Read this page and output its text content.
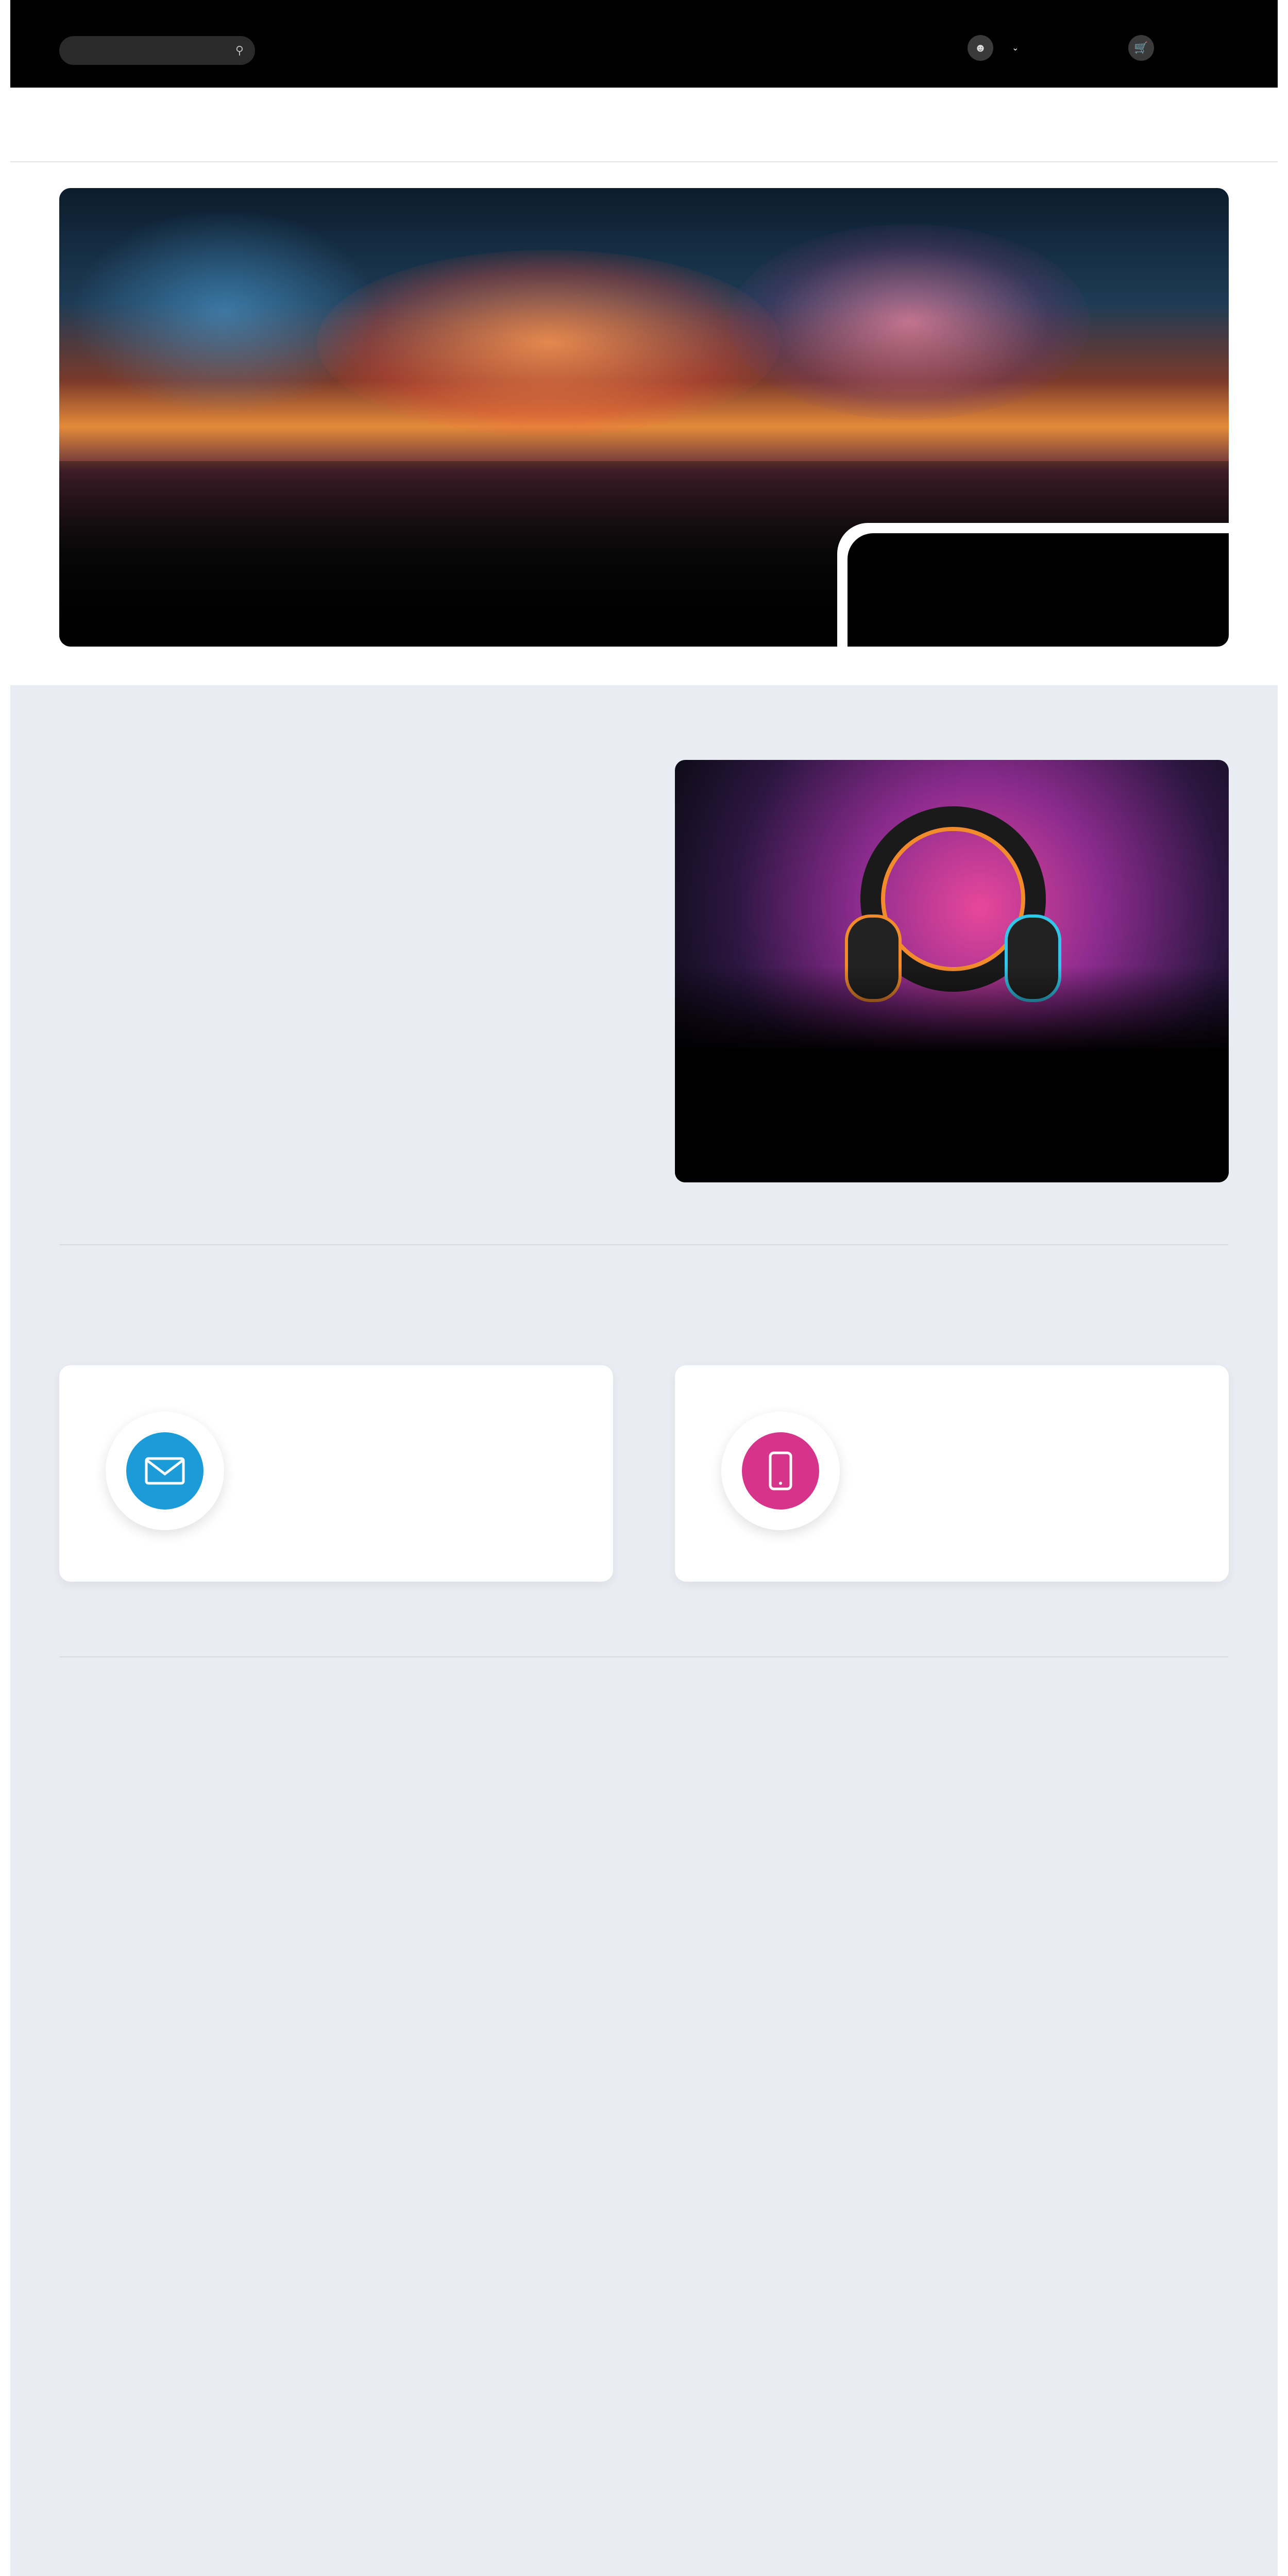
⚲	☻	⌄	🛒
